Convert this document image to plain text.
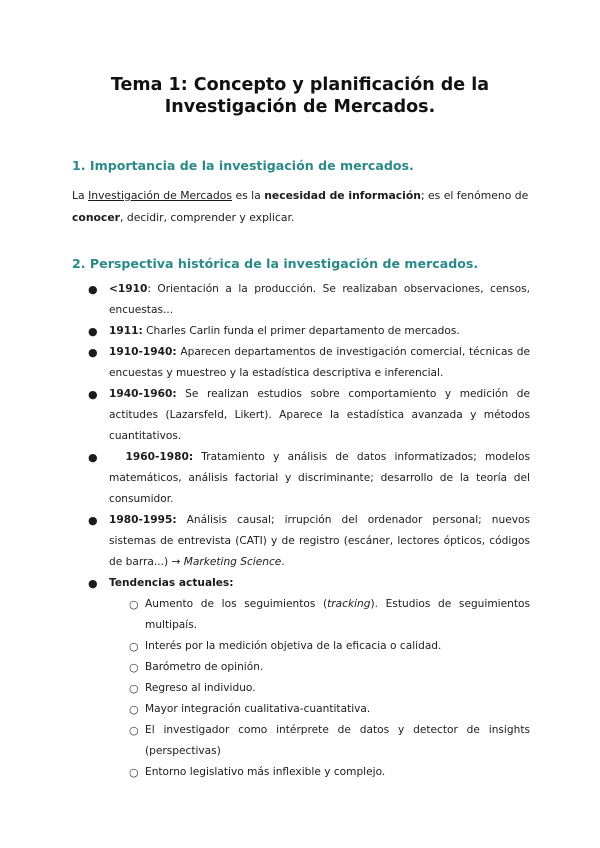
Tema 1: Concepto y planificación de la
Investigación de Mercados.
1. Importancia de la investigación de mercados.
La Investigación de Mercados es la necesidad de información; es el fenómeno de conocer, decidir, comprender y explicar.
2. Perspectiva histórica de la investigación de mercados.
● <1910: Orientación a la producción. Se realizaban observaciones, censos, encuestas...
● 1911: Charles Carlin funda el primer departamento de mercados.
● 1910-1940: Aparecen departamentos de investigación comercial, técnicas de encuestas y muestreo y la estadística descriptiva e inferencial.
● 1940-1960: Se realizan estudios sobre comportamiento y medición de actitudes (Lazarsfeld, Likert). Aparece la estadística avanzada y métodos cuantitativos.
●	1960-1980: Tratamiento y análisis de datos informatizados; modelos matemáticos, análisis factorial y discriminante; desarrollo de la teoría del consumidor.
● 1980-1995: Análisis causal; irrupción del ordenador personal; nuevos sistemas de entrevista (CATI) y de registro (escáner, lectores ópticos, códigos de barra...) → Marketing Science.
● Tendencias actuales:
○ Aumento de los seguimientos (tracking). Estudios de seguimientos multipaís.
○ Interés por la medición objetiva de la eficacia o calidad.
○ Barómetro de opinión.
○ Regreso al individuo.
○ Mayor integración cualitativa-cuantitativa.
○ El investigador como intérprete de datos y detector de insights (perspectivas)
○ Entorno legislativo más inflexible y complejo.
